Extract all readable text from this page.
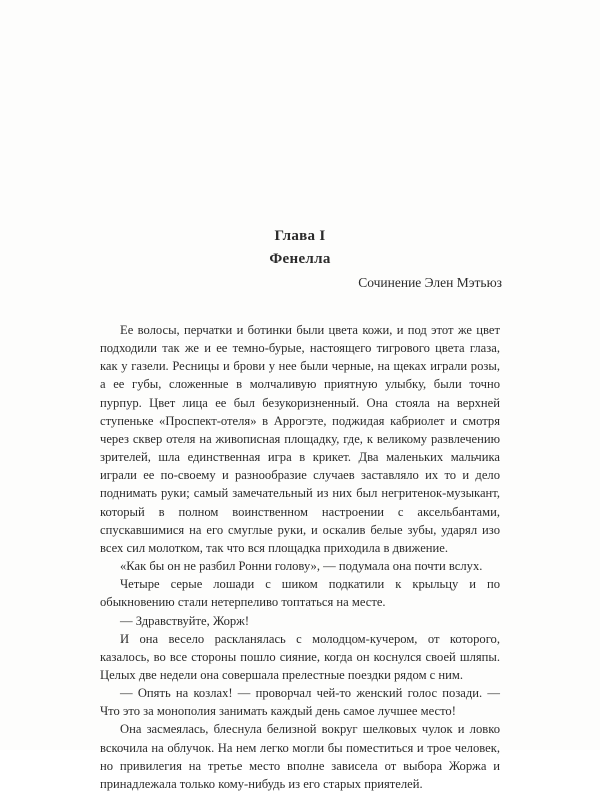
Глава I
Фенелла
Сочинение Элен Мэтьюз

Ее волосы, перчатки и ботинки были цвета кожи, и под этот же цвет подходили так же и ее темно-бурые, настоящего тигрового цвета глаза, как у газели. Ресницы и брови у нее были черные, на щеках играли розы, а ее губы, сложенные в молчаливую приятную улыбку, были точно пурпур. Цвет лица ее был безукоризненный. Она стояла на верхней ступеньке «Проспект-отеля» в Аррогэте, поджидая кабриолет и смотря через сквер отеля на живописная площадку, где, к великому развлечению зрителей, шла единственная игра в крикет. Два маленьких мальчика играли ее по-своему и разнообразие случаев заставляло их то и дело поднимать руки; самый замечательный из них был негритенок-музыкант, который в полном воинственном настроении с аксельбантами, спускавшимися на его смуглые руки, и оскалив белые зубы, ударял изо всех сил молотком, так что вся площадка приходила в движение.

«Как бы он не разбил Ронни голову», — подумала она почти вслух.

Четыре серые лошади с шиком подкатили к крыльцу и по обыкновению стали нетерпеливо топтаться на месте.

— Здравствуйте, Жорж!

И она весело раскланялась с молодцом-кучером, от которого, казалось, во все стороны пошло сияние, когда он коснулся своей шляпы. Целых две недели она совершала прелестные поездки рядом с ним.

— Опять на козлах! — проворчал чей-то женский голос позади. — Что это за монополия занимать каждый день самое лучшее место!

Она засмеялась, блеснула белизной вокруг шелковых чулок и ловко вскочила на облучок. На нем легко могли бы поместиться и трое человек, но привилегия на третье место вполне зависела от выбора Жоржа и принадлежала только кому-нибудь из его старых приятелей.
